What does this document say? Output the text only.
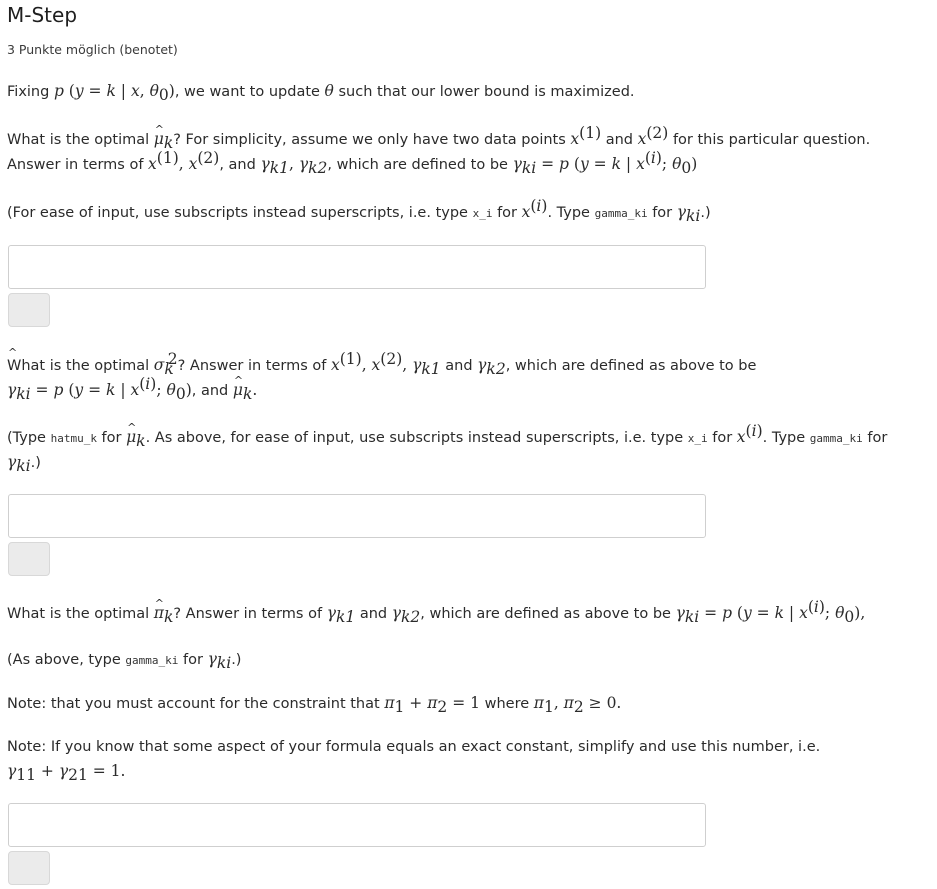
M-Step
3 Punkte möglich (benotet)
Fixing p (y = k | x, $\theta_0$), we want to update θ such that our lower bound is maximized.
What is the optimal ^ $\mu_k$? For simplicity, assume we only have two data points $x^{(1)}$ and $x^{(2)}$ for this particular question.
Answer in terms of $x^{(1)}$, $x^{(2)}$, and $\gamma_{k1}$, $\gamma_{k2}$, which are defined to be $\gamma_{ki} = p$ (y = k | $x^{(i)}$; $\theta_0$)
(For ease of input, use subscripts instead superscripts, i.e. type x_i for $x^{(i)}$. Type gamma_ki for $\gamma_{ki}$.)
What is the optimal ^ $\sigma_k^2$? Answer in terms of $x^{(1)}$, $x^{(2)}$, $\gamma_{k1}$ and $\gamma_{k2}$, which are defined as above to be
$\gamma_{ki} = p$ (y = k | $x^{(i)}$; $\theta_0$), and ^ $\mu_k$.
(Type hatmu_k for ^ $\mu_k$. As above, for ease of input, use subscripts instead superscripts, i.e. type x_i for $x^{(i)}$. Type gamma_ki for
$\gamma_{ki}$.)
What is the optimal ^ $\pi_k$? Answer in terms of $\gamma_{k1}$ and $\gamma_{k2}$, which are defined as above to be $\gamma_{ki} = p$ (y = k | $x^{(i)}$; $\theta_0$),
(As above, type gamma_ki for $\gamma_{ki}$.)
Note: that you must account for the constraint that $\pi_1 + \pi_2 = 1$ where $\pi_1$, $\pi_2 \ge 0$.
Note: If you know that some aspect of your formula equals an exact constant, simplify and use this number, i.e.
$\gamma_{11} + \gamma_{21} = 1$.
